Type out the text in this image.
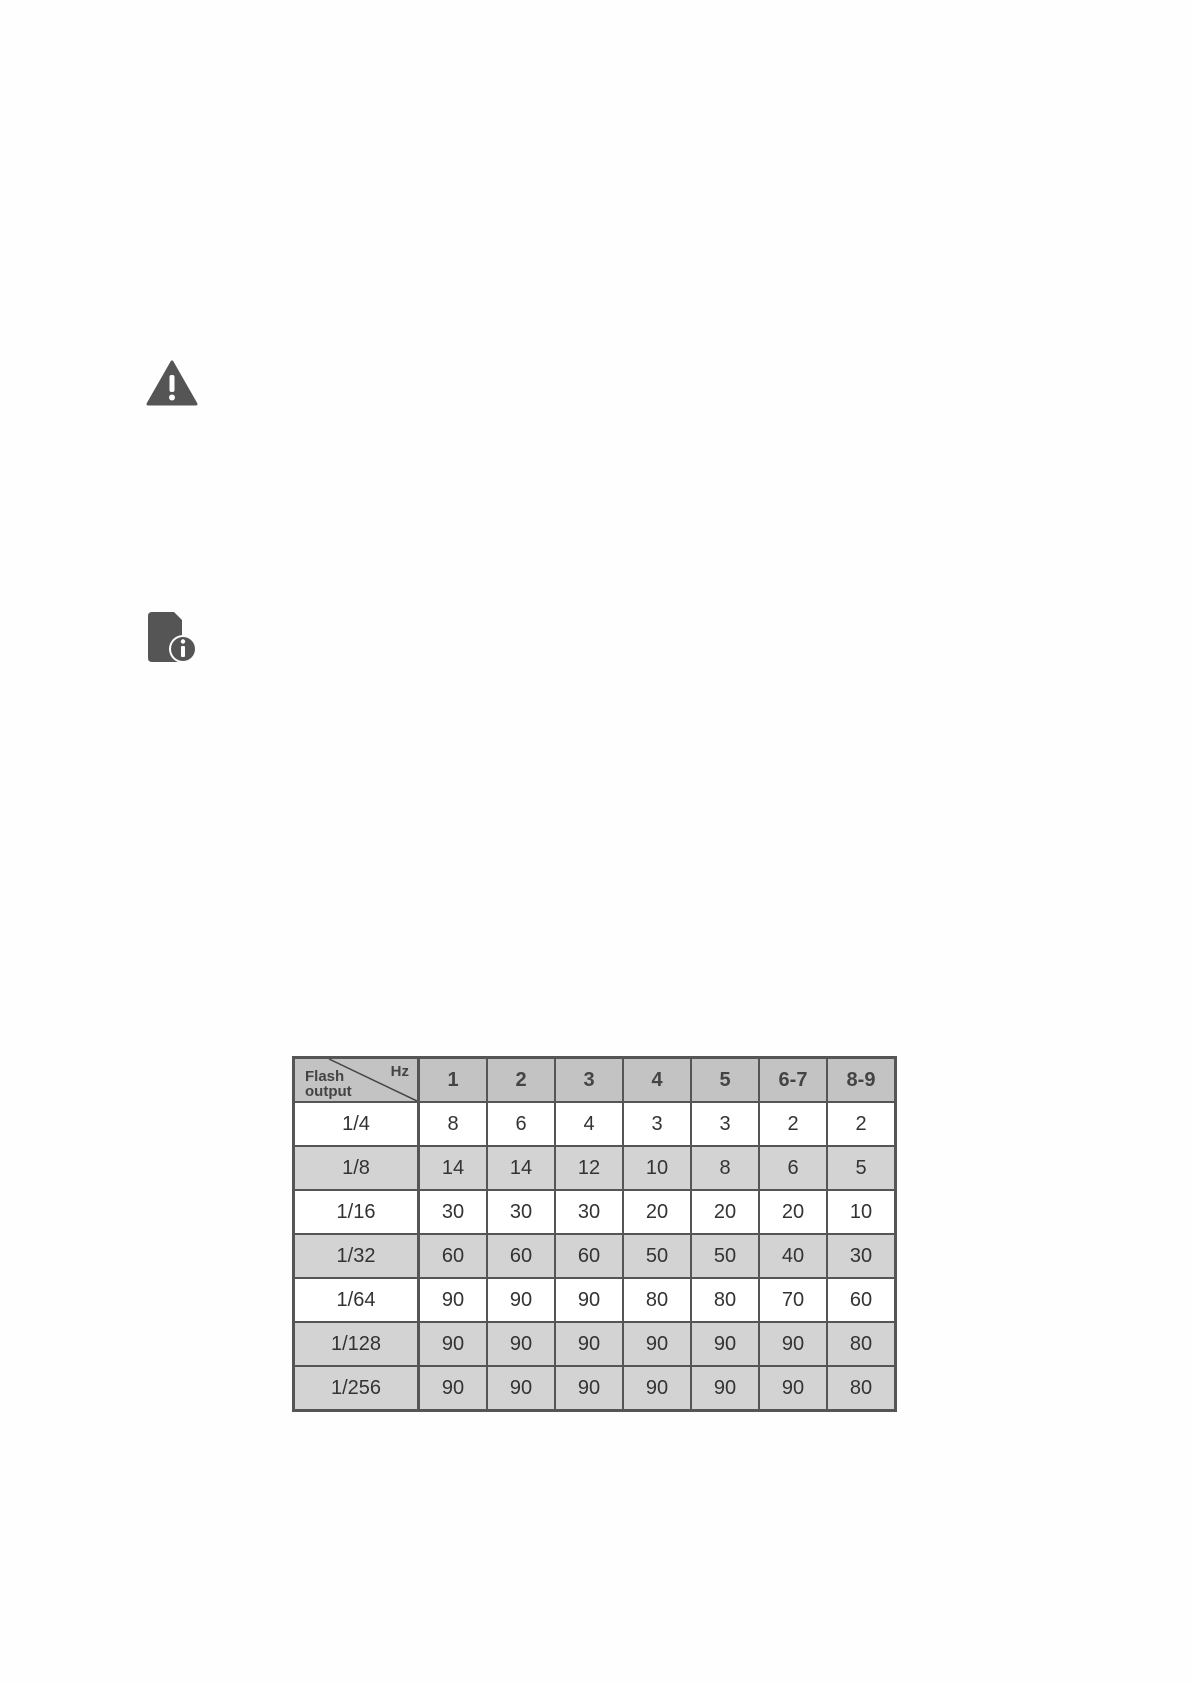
Hz
Flash
output	1	2	3	4	5	6-7	8-9
1/4	8	6	4	3	3	2	2
1/8	14	14	12	10	8	6	5
1/16	30	30	30	20	20	20	10
1/32	60	60	60	50	50	40	30
1/64	90	90	90	80	80	70	60
1/128	90	90	90	90	90	90	80
1/256	90	90	90	90	90	90	80
